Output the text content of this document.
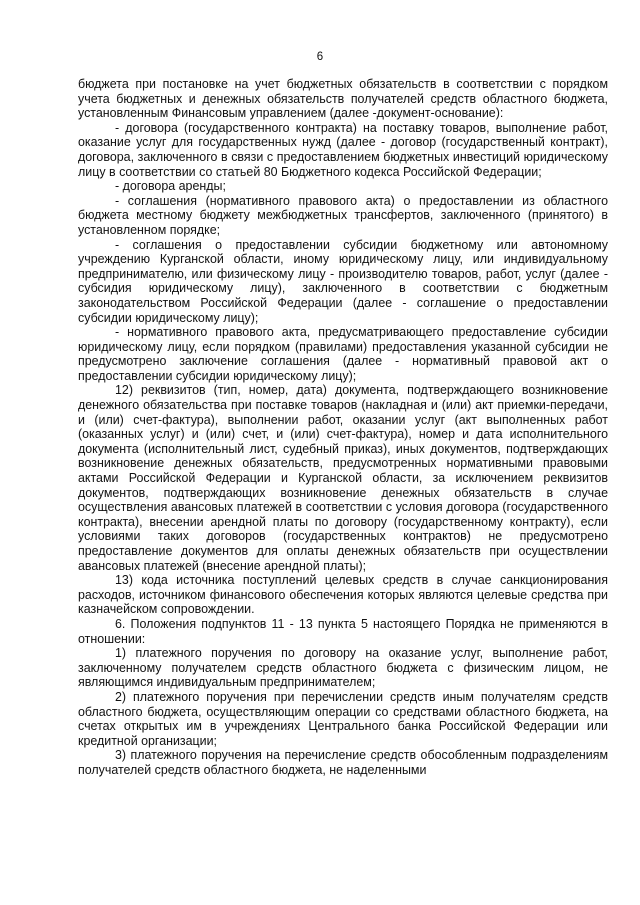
6

бюджета при постановке на учет бюджетных обязательств в соответствии с порядком учета бюджетных и денежных обязательств получателей средств областного бюджета, установленным Финансовым управлением (далее -документ-основание):

- договора (государственного контракта) на поставку товаров, выполнение работ, оказание услуг для государственных нужд (далее - договор (государственный контракт), договора, заключенного в связи с предоставлением бюджетных инвестиций юридическому лицу в соответствии со статьей 80 Бюджетного кодекса Российской Федерации;

- договора аренды;

- соглашения (нормативного правового акта) о предоставлении из областного бюджета местному бюджету межбюджетных трансфертов, заключенного (принятого) в установленном порядке;

- соглашения о предоставлении субсидии бюджетному или автономному учреждению Курганской области, иному юридическому лицу, или индивидуальному предпринимателю, или физическому лицу - производителю товаров, работ, услуг (далее - субсидия юридическому лицу), заключенного в соответствии с бюджетным законодательством Российской Федерации (далее - соглашение о предоставлении субсидии юридическому лицу);

- нормативного правового акта, предусматривающего предоставление субсидии юридическому лицу, если порядком (правилами) предоставления указанной субсидии не предусмотрено заключение соглашения (далее - нормативный правовой акт о предоставлении субсидии юридическому лицу);

12) реквизитов (тип, номер, дата) документа, подтверждающего возникновение денежного обязательства при поставке товаров (накладная и (или) акт приемки-передачи, и (или) счет-фактура), выполнении работ, оказании услуг (акт выполненных работ (оказанных услуг) и (или) счет, и (или) счет-фактура), номер и дата исполнительного документа (исполнительный лист, судебный приказ), иных документов, подтверждающих возникновение денежных обязательств, предусмотренных нормативными правовыми актами Российской Федерации и Курганской области, за исключением реквизитов документов, подтверждающих возникновение денежных обязательств в случае осуществления авансовых платежей в соответствии с условия договора (государственного контракта), внесении арендной платы по договору (государственному контракту), если условиями таких договоров (государственных контрактов) не предусмотрено предоставление документов для оплаты денежных обязательств при осуществлении авансовых платежей (внесение арендной платы);

13) кода источника поступлений целевых средств в случае санкционирования расходов, источником финансового обеспечения которых являются целевые средства при казначейском сопровождении.

6. Положения подпунктов 11 - 13 пункта 5 настоящего Порядка не применяются в отношении:

1) платежного поручения по договору на оказание услуг, выполнение работ, заключенному получателем средств областного бюджета с физическим лицом, не являющимся индивидуальным предпринимателем;

2) платежного поручения при перечислении средств иным получателям средств областного бюджета, осуществляющим операции со средствами областного бюджета, на счетах открытых им в учреждениях Центрального банка Российской Федерации или кредитной организации;

3) платежного поручения на перечисление средств обособленным подразделениям получателей средств областного бюджета, не наделенными
